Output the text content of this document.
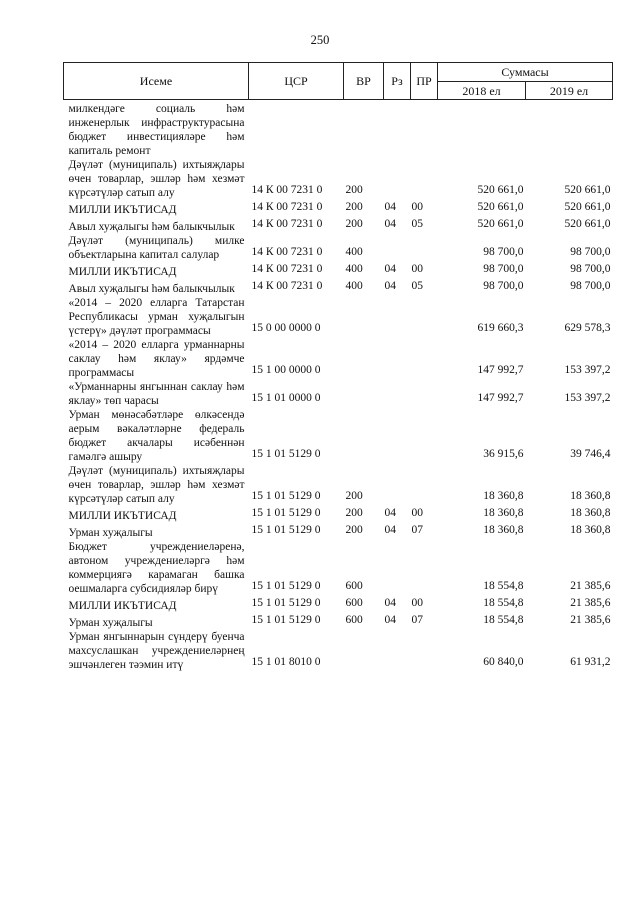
250
Исеме	ЦСР	ВР	Рз	ПР	Суммасы	
					2018 ел	2019 ел
милкендәге социаль һәм инженерлык инфраструктурасына бюджет инвестицияләре һәм капиталь ремонт						
Дәүләт (муниципаль) ихтыяҗлары өчен товарлар, эшләр һәм хезмәт күрсәтүләр сатып алу	14 К 00 7231 0	200			520 661,0	520 661,0
МИЛЛИ ИКЪТИСАД	14 К 00 7231 0	200	04	00	520 661,0	520 661,0
Авыл хуҗалыгы һәм балыкчылык	14 К 00 7231 0	200	04	05	520 661,0	520 661,0
Дәүләт (муниципаль) милке объектларына капитал салулар	14 К 00 7231 0	400			98 700,0	98 700,0
МИЛЛИ ИКЪТИСАД	14 К 00 7231 0	400	04	00	98 700,0	98 700,0
Авыл хуҗалыгы һәм балыкчылык	14 К 00 7231 0	400	04	05	98 700,0	98 700,0
«2014 – 2020 елларга Татарстан Республикасы урман хуҗалыгын үстерү» дәүләт программасы	15 0 00 0000 0				619 660,3	629 578,3
«2014 – 2020 елларга урманнарны саклау һәм яклау» ярдәмче программасы	15 1 00 0000 0				147 992,7	153 397,2
«Урманнарны янгыннан саклау һәм яклау» төп чарасы	15 1 01 0000 0				147 992,7	153 397,2
Урман мөнәсәбәтләре өлкәсендә аерым вәкаләтләрне федераль бюджет акчалары исәбеннән гамәлгә ашыру	15 1 01 5129 0				36 915,6	39 746,4
Дәүләт (муниципаль) ихтыяҗлары өчен товарлар, эшләр һәм хезмәт күрсәтүләр сатып алу	15 1 01 5129 0	200			18 360,8	18 360,8
МИЛЛИ ИКЪТИСАД	15 1 01 5129 0	200	04	00	18 360,8	18 360,8
Урман хуҗалыгы	15 1 01 5129 0	200	04	07	18 360,8	18 360,8
Бюджет учреждениеләренә, автоном учреждениеләргә һәм коммерциягә карамаган башка оешмаларга субсидияләр бирү	15 1 01 5129 0	600			18 554,8	21 385,6
МИЛЛИ ИКЪТИСАД	15 1 01 5129 0	600	04	00	18 554,8	21 385,6
Урман хуҗалыгы	15 1 01 5129 0	600	04	07	18 554,8	21 385,6
Урман янгыннарын сүндерү буенча махсуслашкан учреждениеләрнең эшчәнлеген тәэмин итү	15 1 01 8010 0				60 840,0	61 931,2
